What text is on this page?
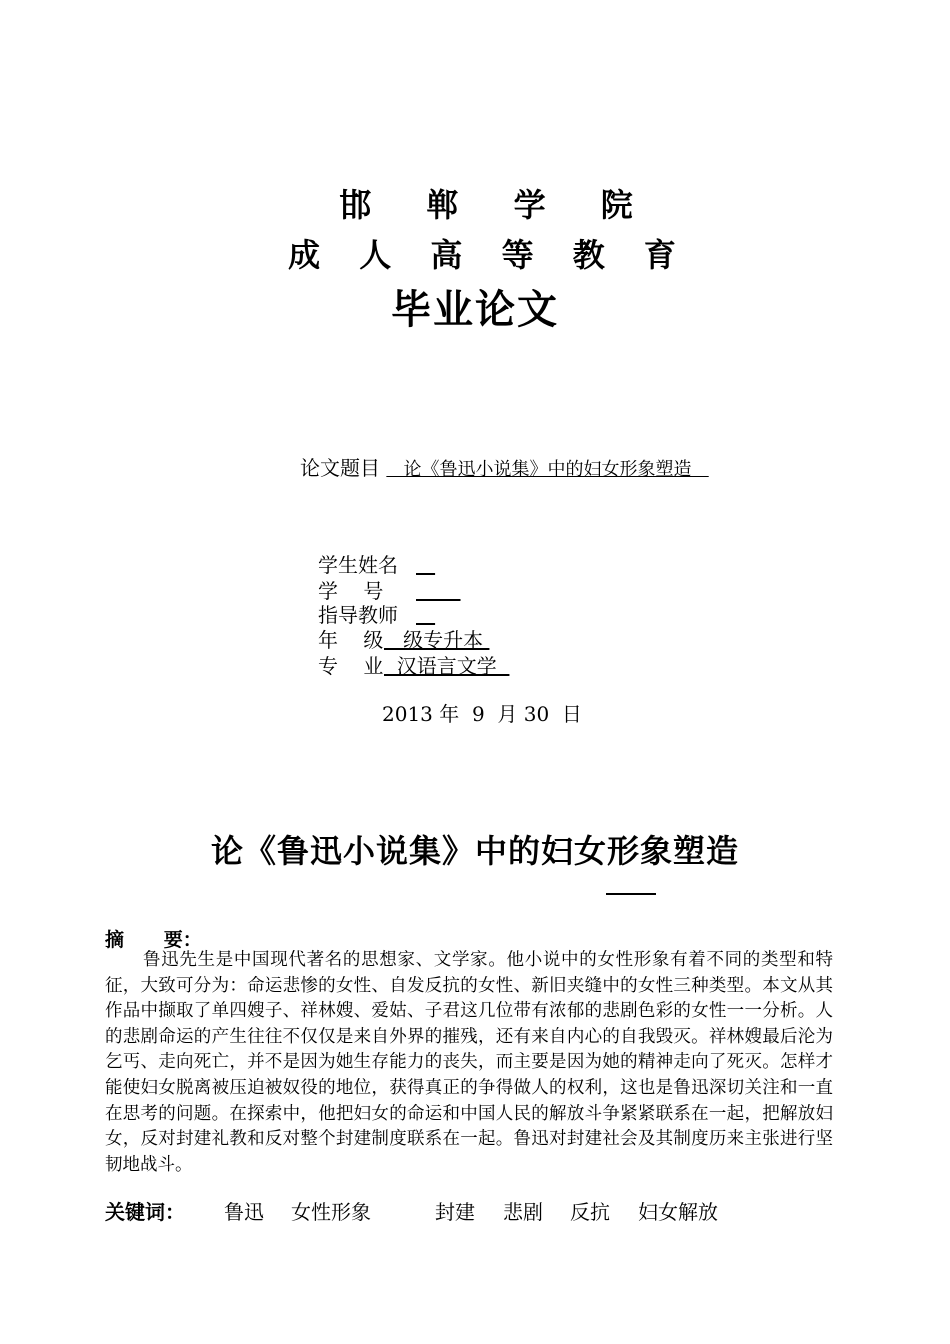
邯 郸 学 院
成 人 高 等 教 育
毕业论文
论文题目    论《鲁迅小说集》中的妇女形象塑造
学生姓名
学    号
指导教师
年    级   级专升本
专    业  汉语言文学
2013 年  9  月 30  日
论《鲁迅小说集》中的妇女形象塑造
摘      要：
鲁迅先生是中国现代著名的思想家、文学家。他小说中的女性形象有着不同的类型和特征，大致可分为：命运悲惨的女性、自发反抗的女性、新旧夹缝中的女性三种类型。本文从其作品中撷取了单四嫂子、祥林嫂、爱姑、子君这几位带有浓郁的悲剧色彩的女性一一分析。人的悲剧命运的产生往往不仅仅是来自外界的摧残，还有来自内心的自我毁灭。祥林嫂最后沦为乞丐、走向死亡，并不是因为她生存能力的丧失，而主要是因为她的精神走向了死灭。怎样才能使妇女脱离被压迫被奴役的地位，获得真正的争得做人的权利，这也是鲁迅深切关注和一直在思考的问题。在探索中，他把妇女的命运和中国人民的解放斗争紧紧联系在一起，把解放妇女，反对封建礼教和反对整个封建制度联系在一起。鲁迅对封建社会及其制度历来主张进行坚韧地战斗。
关键词： 鲁迅 女性形象	封建 悲剧 反抗 妇女解放
